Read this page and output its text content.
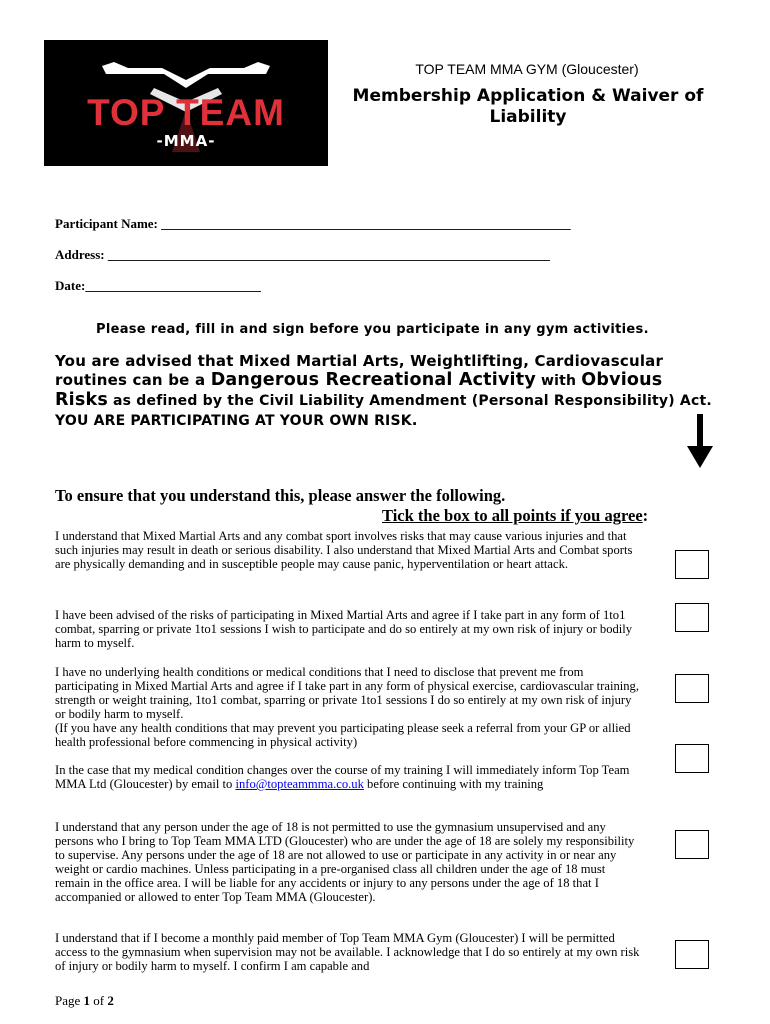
TOP TEAM
-MMA-
TOP TEAM MMA GYM (Gloucester)
Membership Application & Waiver of Liability
Participant Name: _______________________________________________________________
Address: ____________________________________________________________________
Date:___________________________
Please read, fill in and sign before you participate in any gym activities.
You are advised that Mixed Martial Arts, Weightlifting, Cardiovascular routines can be a Dangerous Recreational Activity with Obvious Risks as defined by the Civil Liability Amendment (Personal Responsibility) Act. YOU ARE PARTICIPATING AT YOUR OWN RISK.
To ensure that you understand this, please answer the following.
Tick the box to all points if you agree:
I understand that Mixed Martial Arts and any combat sport involves risks that may cause various injuries and that such injuries may result in death or serious disability. I also understand that Mixed Martial Arts and Combat sports are physically demanding and in susceptible people may cause panic, hyperventilation or heart attack.
I have been advised of the risks of participating in Mixed Martial Arts and agree if I take part in any form of 1to1 combat, sparring or private 1to1 sessions I wish to participate and do so entirely at my own risk of injury or bodily harm to myself.
I have no underlying health conditions or medical conditions that I need to disclose that prevent me from participating in Mixed Martial Arts and agree if I take part in any form of physical exercise, cardiovascular training, strength or weight training, 1to1 combat, sparring or private 1to1 sessions I do so entirely at my own risk of injury or bodily harm to myself.
(If you have any health conditions that may prevent you participating please seek a referral from your GP or allied health professional before commencing in physical activity)
In the case that my medical condition changes over the course of my training I will immediately inform Top Team MMA Ltd (Gloucester) by email to info@topteammma.co.uk before continuing with my training
I understand that any person under the age of 18 is not permitted to use the gymnasium unsupervised and any persons who I bring to Top Team MMA LTD (Gloucester) who are under the age of 18 are solely my responsibility to supervise. Any persons under the age of 18 are not allowed to use or participate in any activity in or near any weight or cardio machines. Unless participating in a pre-organised class all children under the age of 18 must remain in the office area. I will be liable for any accidents or injury to any persons under the age of 18 that I accompanied or allowed to enter Top Team MMA (Gloucester).
I understand that if I become a monthly paid member of Top Team MMA Gym (Gloucester) I will be permitted access to the gymnasium when supervision may not be available. I acknowledge that I do so entirely at my own risk of injury or bodily harm to myself. I confirm I am capable and
Page 1 of 2
